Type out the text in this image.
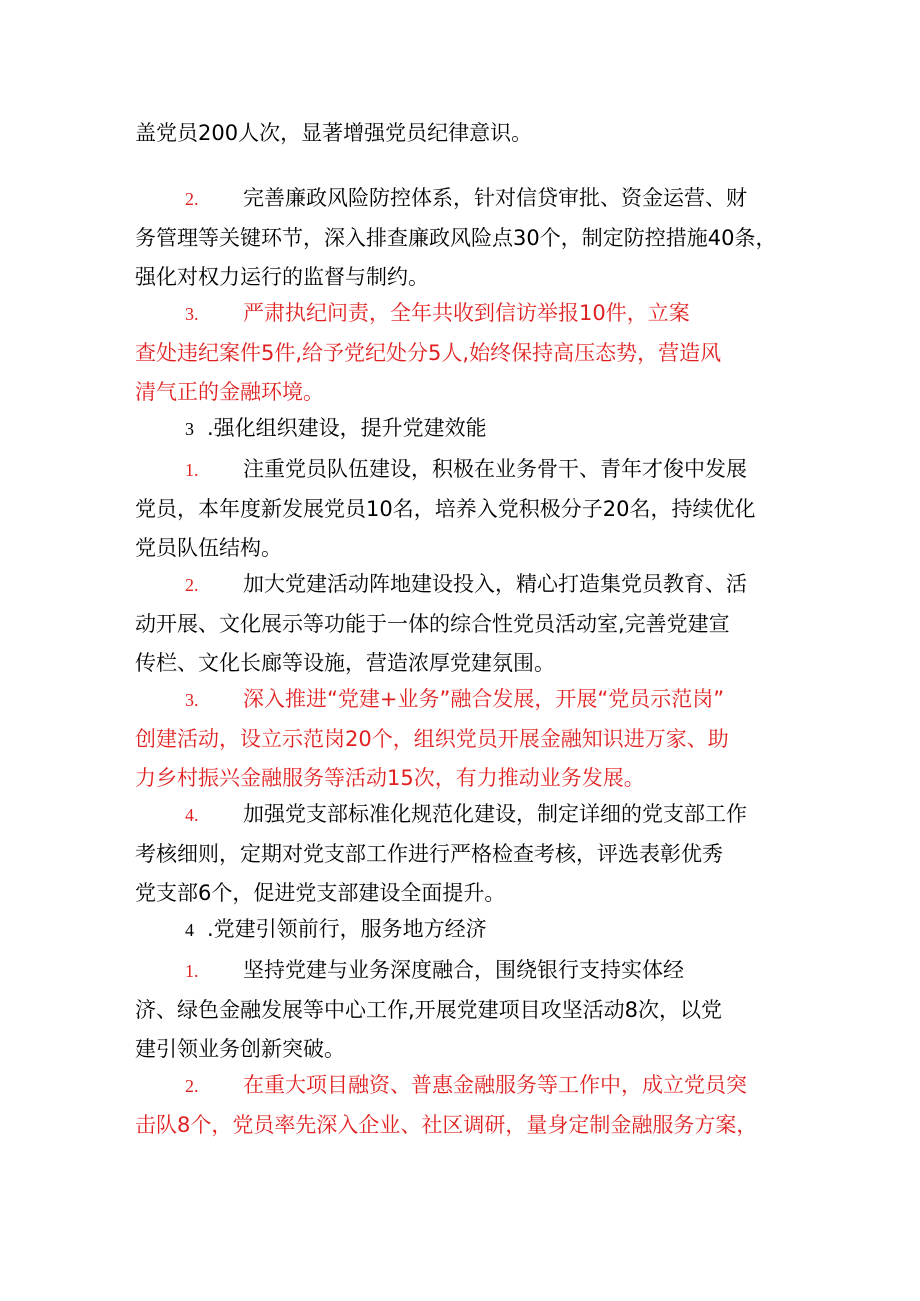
盖党员200人次，显著增强党员纪律意识。
2. 完善廉政风险防控体系，针对信贷审批、资金运营、财
务管理等关键环节，深入排查廉政风险点30个，制定防控措施40条，
强化对权力运行的监督与制约。
3. 严肃执纪问责，全年共收到信访举报10件，立案
查处违纪案件5件,给予党纪处分5人,始终保持高压态势，营造风
清气正的金融环境。
3 .强化组织建设，提升党建效能
1. 注重党员队伍建设，积极在业务骨干、青年才俊中发展
党员，本年度新发展党员10名，培养入党积极分子20名，持续优化
党员队伍结构。
2. 加大党建活动阵地建设投入，精心打造集党员教育、活
动开展、文化展示等功能于一体的综合性党员活动室,完善党建宣
传栏、文化长廊等设施，营造浓厚党建氛围。
3. 深入推进“党建+业务”融合发展，开展“党员示范岗”
创建活动，设立示范岗20个，组织党员开展金融知识进万家、助
力乡村振兴金融服务等活动15次，有力推动业务发展。
4. 加强党支部标准化规范化建设，制定详细的党支部工作
考核细则，定期对党支部工作进行严格检查考核，评选表彰优秀
党支部6个，促进党支部建设全面提升。
4 .党建引领前行，服务地方经济
1. 坚持党建与业务深度融合，围绕银行支持实体经
济、绿色金融发展等中心工作,开展党建项目攻坚活动8次，以党
建引领业务创新突破。
2. 在重大项目融资、普惠金融服务等工作中，成立党员突
击队8个，党员率先深入企业、社区调研，量身定制金融服务方案，
